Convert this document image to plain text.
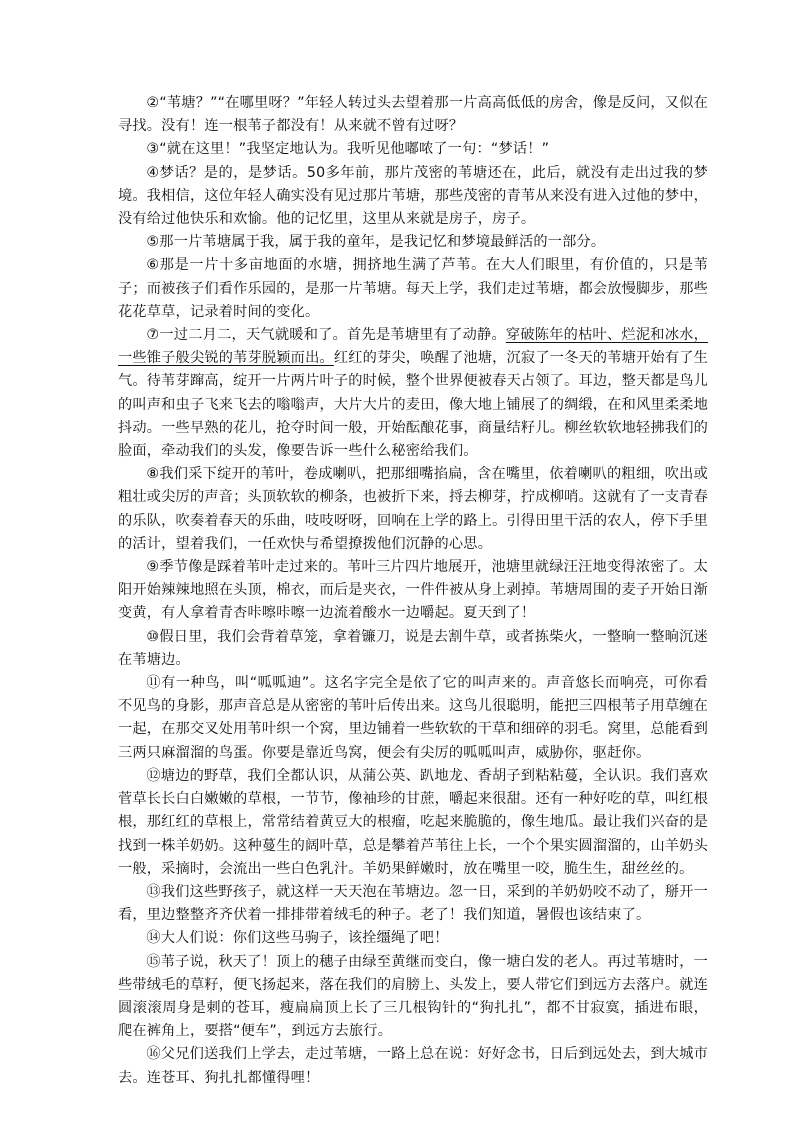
②“苇塘？”“在哪里呀？”年轻人转过头去望着那一片高高低低的房舍，像是反问，又似在寻找。没有！连一根苇子都没有！从来就不曾有过呀？

③“就在这里！”我坚定地认为。我听见他嘟哝了一句：“梦话！”

④梦话？是的，是梦话。50多年前，那片茂密的苇塘还在，此后，就没有走出过我的梦境。我相信，这位年轻人确实没有见过那片苇塘，那些茂密的青苇从来没有进入过他的梦中，没有给过他快乐和欢愉。他的记忆里，这里从来就是房子，房子。

⑤那一片苇塘属于我，属于我的童年，是我记忆和梦境最鲜活的一部分。

⑥那是一片十多亩地面的水塘，拥挤地生满了芦苇。在大人们眼里，有价值的，只是苇子；而被孩子们看作乐园的，是那一片苇塘。每天上学，我们走过苇塘，都会放慢脚步，那些花花草草，记录着时间的变化。

⑦一过二月二，天气就暖和了。首先是苇塘里有了动静。穿破陈年的枯叶、烂泥和冰水，一些锥子般尖锐的苇芽脱颖而出。红红的芽尖，唤醒了池塘，沉寂了一冬天的苇塘开始有了生气。待苇芽蹿高，绽开一片两片叶子的时候，整个世界便被春天占领了。耳边，整天都是鸟儿的叫声和虫子飞来飞去的嗡嗡声，大片大片的麦田，像大地上铺展了的绸缎，在和风里柔柔地抖动。一些早熟的花儿，抢夺时间一般，开始酝酿花事，商量结籽儿。柳丝软软地轻拂我们的脸面，牵动我们的头发，像要告诉一些什么秘密给我们。

⑧我们采下绽开的苇叶，卷成喇叭，把那细嘴掐扁，含在嘴里，依着喇叭的粗细，吹出或粗壮或尖厉的声音；头顶软软的柳条，也被折下来，捋去柳芽，拧成柳哨。这就有了一支青春的乐队，吹奏着春天的乐曲，吱吱呀呀，回响在上学的路上。引得田里干活的农人，停下手里的活计，望着我们，一任欢快与希望撩拨他们沉静的心思。

⑨季节像是踩着苇叶走过来的。苇叶三片四片地展开，池塘里就绿汪汪地变得浓密了。太阳开始辣辣地照在头顶，棉衣，而后是夹衣，一件件被从身上剥掉。苇塘周围的麦子开始日渐变黄，有人拿着青杏咔嚓咔嚓一边流着酸水一边嚼起。夏天到了！

⑩假日里，我们会背着草笼，拿着镰刀，说是去割牛草，或者拣柴火，一整晌一整晌沉迷在苇塘边。

⑪有一种鸟，叫“呱呱迪”。这名字完全是依了它的叫声来的。声音悠长而响亮，可你看不见鸟的身影，那声音总是从密密的苇叶后传出来。这鸟儿很聪明，能把三四根苇子用草缠在一起，在那交叉处用苇叶织一个窝，里边铺着一些软软的干草和细碎的羽毛。窝里，总能看到三两只麻溜溜的鸟蛋。你要是靠近鸟窝，便会有尖厉的呱呱叫声，威胁你，驱赶你。

⑫塘边的野草，我们全都认识，从蒲公英、趴地龙、香胡子到粘粘蔓，全认识。我们喜欢菅草长长白白嫩嫩的草根，一节节，像袖珍的甘蔗，嚼起来很甜。还有一种好吃的草，叫红根根，那红红的草根上，常常结着黄豆大的根瘤，吃起来脆脆的，像生地瓜。最让我们兴奋的是找到一株羊奶奶。这种蔓生的阔叶草，总是攀着芦苇往上长，一个个果实圆溜溜的，山羊奶头一般，采摘时，会流出一些白色乳汁。羊奶果鲜嫩时，放在嘴里一咬，脆生生，甜丝丝的。

⑬我们这些野孩子，就这样一天天泡在苇塘边。忽一日，采到的羊奶奶咬不动了，掰开一看，里边整整齐齐伏着一排排带着绒毛的种子。老了！我们知道，暑假也该结束了。

⑭大人们说：你们这些马驹子，该拴缰绳了吧！

⑮苇子说，秋天了！顶上的穗子由绿至黄继而变白，像一塘白发的老人。再过苇塘时，一些带绒毛的草籽，便飞扬起来，落在我们的肩膀上、头发上，要人带它们到远方去落户。就连圆滚滚周身是刺的苍耳，瘦扁扁顶上长了三几根钩针的“狗扎扎”，都不甘寂寞，插进布眼，爬在裤角上，要搭“便车”，到远方去旅行。

⑯父兄们送我们上学去，走过苇塘，一路上总在说：好好念书，日后到远处去，到大城市去。连苍耳、狗扎扎都懂得哩！
